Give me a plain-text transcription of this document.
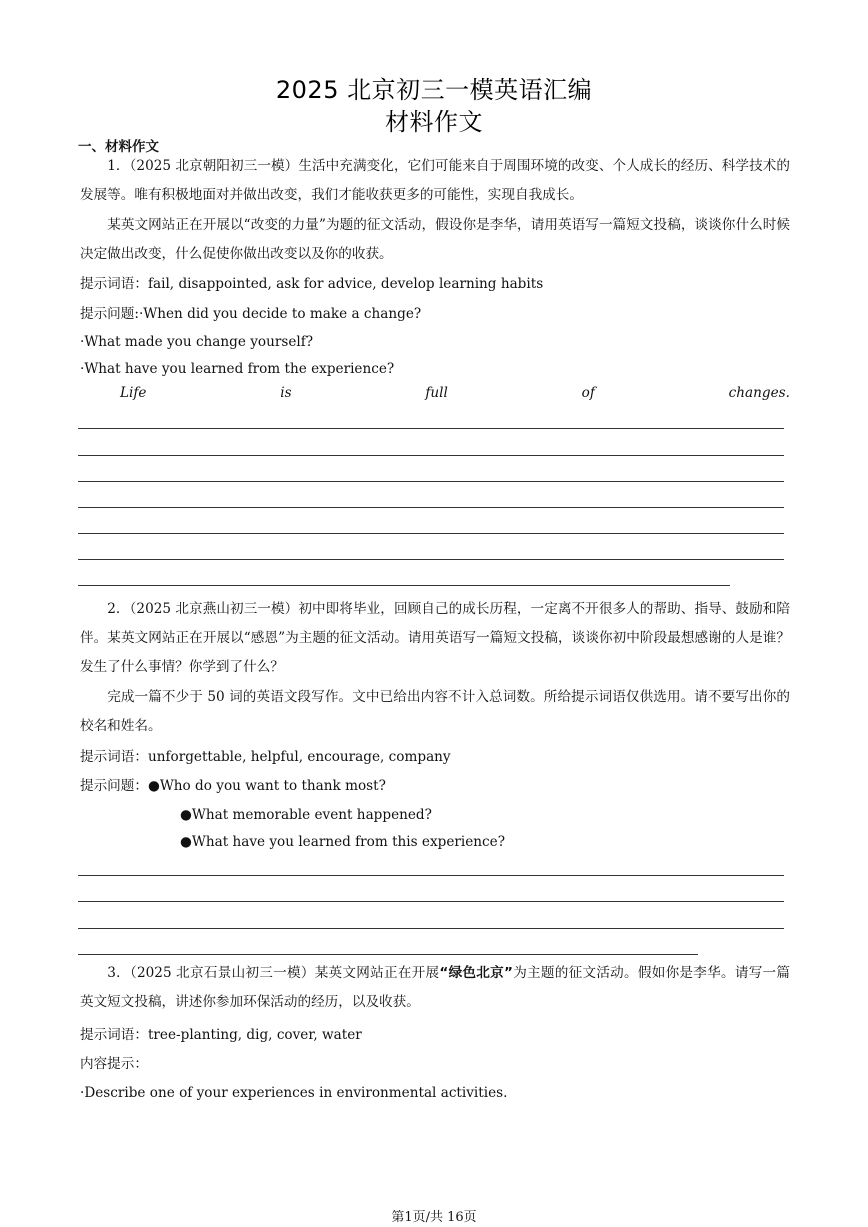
2025 北京初三一模英语汇编
材料作文
一、材料作文

1．（2025 北京朝阳初三一模）生活中充满变化，它们可能来自于周围环境的改变、个人成长的经历、科学技术的发展等。唯有积极地面对并做出改变，我们才能收获更多的可能性，实现自我成长。

某英文网站正在开展以“改变的力量”为题的征文活动，假设你是李华，请用英语写一篇短文投稿，谈谈你什么时候决定做出改变，什么促使你做出改变以及你的收获。

提示词语：fail, disappointed, ask for advice, develop learning habits
提示问题:·When did you decide to make a change?
·What made you change yourself?
·What have you learned from the experience?
Life	is	full	of	changes.

2．（2025 北京燕山初三一模）初中即将毕业，回顾自己的成长历程，一定离不开很多人的帮助、指导、鼓励和陪伴。某英文网站正在开展以“感恩”为主题的征文活动。请用英语写一篇短文投稿，谈谈你初中阶段最想感谢的人是谁？发生了什么事情？你学到了什么？

完成一篇不少于 50 词的英语文段写作。文中已给出内容不计入总词数。所给提示词语仅供选用。请不要写出你的校名和姓名。

提示词语：unforgettable, helpful, encourage, company
提示问题：●Who do you want to thank most?
●What memorable event happened?
●What have you learned from this experience?

3．（2025 北京石景山初三一模）某英文网站正在开展“绿色北京”为主题的征文活动。假如你是李华。请写一篇英文短文投稿，讲述你参加环保活动的经历，以及收获。

提示词语：tree-planting, dig, cover, water
内容提示：
·Describe one of your experiences in environmental activities.
第1页/共 16页
